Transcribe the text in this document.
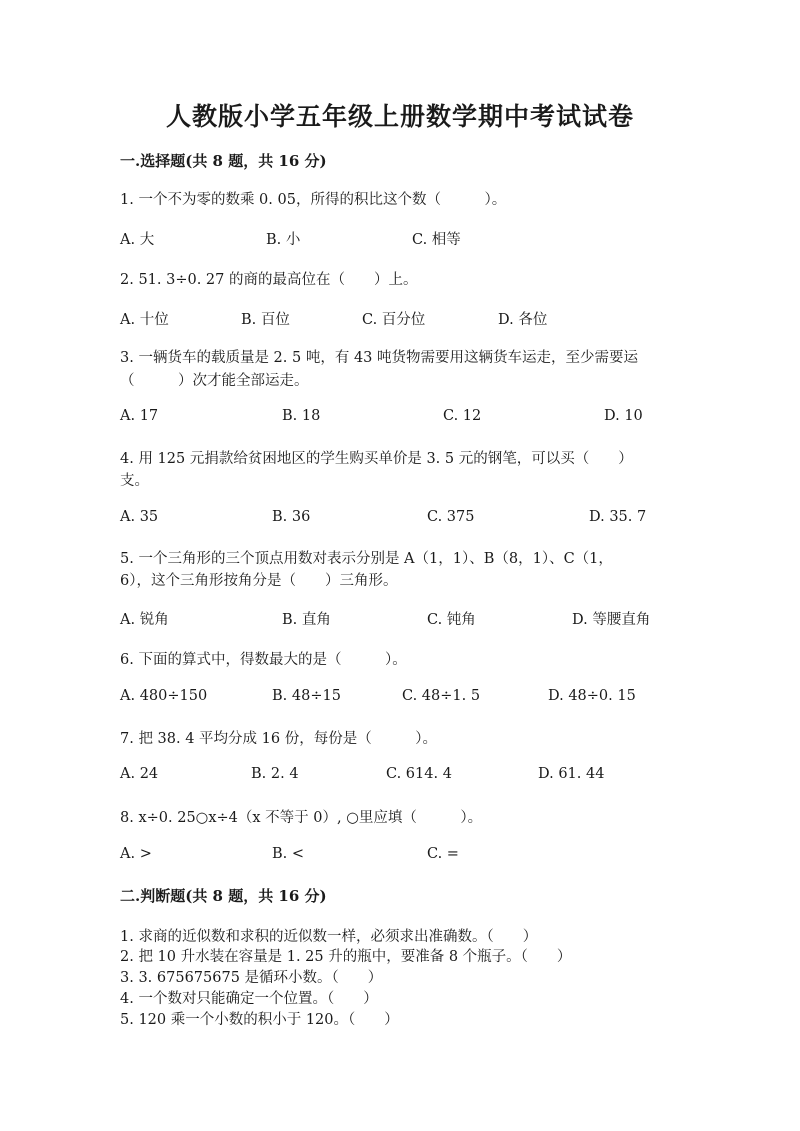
人教版小学五年级上册数学期中考试试卷
一.选择题(共 8 题，共 16 分)
1. 一个不为零的数乘 0. 05，所得的积比这个数（　　　）。
A. 大	B. 小	C. 相等
2. 51. 3÷0. 27 的商的最高位在（　　）上。
A. 十位	B. 百位	C. 百分位	D. 各位
3. 一辆货车的载质量是 2. 5 吨，有 43 吨货物需要用这辆货车运走，至少需要运
（　　　）次才能全部运走。
A. 17	B. 18	C. 12	D. 10
4. 用 125 元捐款给贫困地区的学生购买单价是 3. 5 元的钢笔，可以买（　　）
支。
A. 35	B. 36	C. 375	D. 35. 7
5. 一个三角形的三个顶点用数对表示分别是 A（1，1）、B（8，1）、C（1，
6），这个三角形按角分是（　　）三角形。
A. 锐角	B. 直角	C. 钝角	D. 等腰直角
6. 下面的算式中，得数最大的是（　　　）。
A. 480÷150	B. 48÷15	C. 48÷1. 5	D. 48÷0. 15
7. 把 38. 4 平均分成 16 份，每份是（　　　）。
A. 24	B. 2. 4	C. 614. 4	D. 61. 44
8. x÷0. 25○x÷4（x 不等于 0）, ○里应填（　　　）。
A. >	B. <	C. =
二.判断题(共 8 题，共 16 分)
1. 求商的近似数和求积的近似数一样，必须求出准确数。（　　）
2. 把 10 升水装在容量是 1. 25 升的瓶中，要准备 8 个瓶子。（　　）
3. 3. 675675675 是循环小数。（　　）
4. 一个数对只能确定一个位置。（　　）
5. 120 乘一个小数的积小于 120。（　　）
